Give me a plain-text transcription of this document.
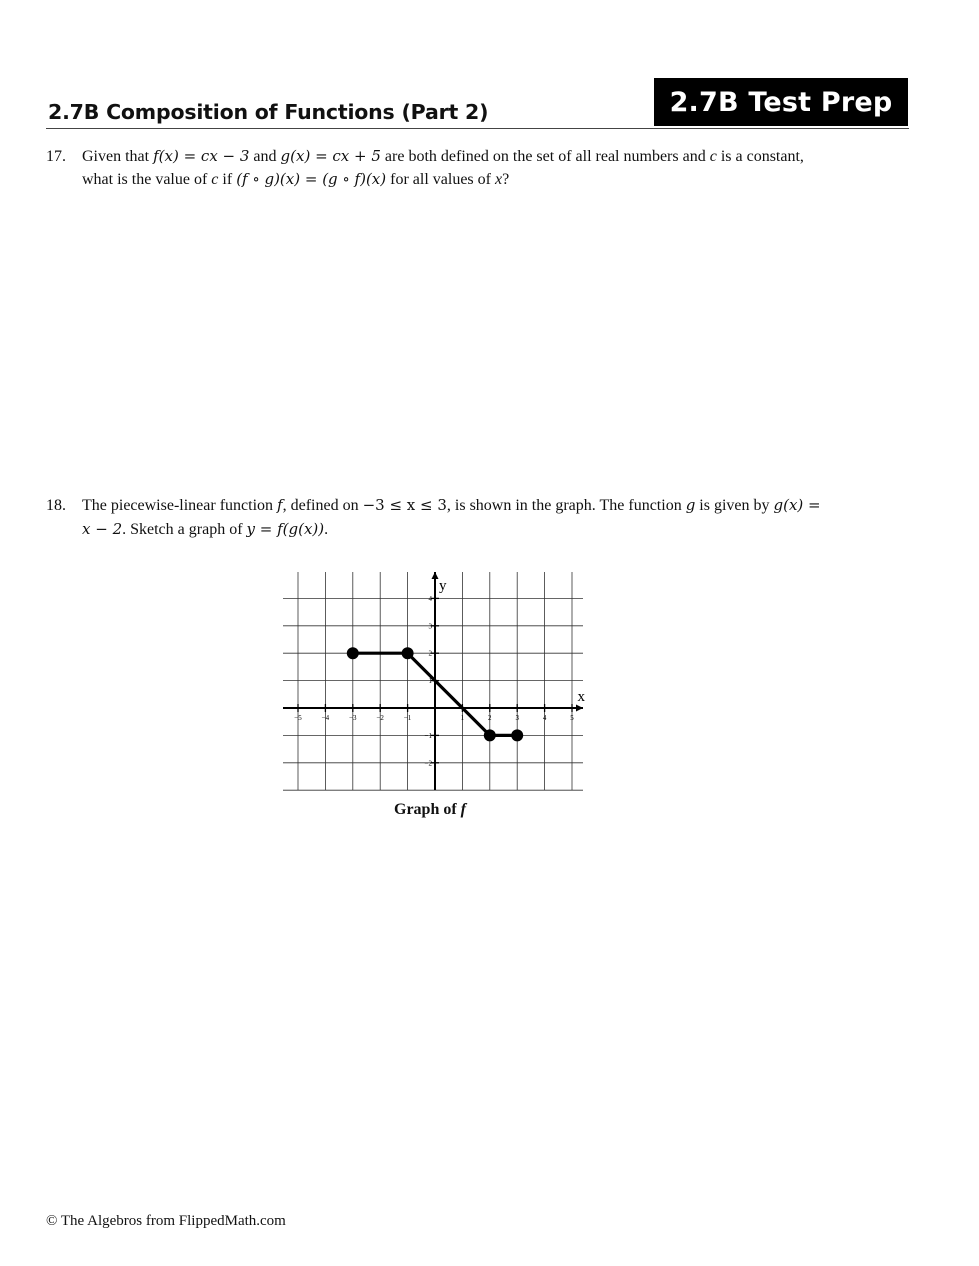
2.7B Test Prep
2.7B Composition of Functions (Part 2)
17. Given that f(x) = cx − 3 and g(x) = cx + 5 are both defined on the set of all real numbers and c is a constant,
what is the value of c if (f ∘ g)(x) = (g ∘ f)(x) for all values of x?
18. The piecewise-linear function f, defined on −3 ≤ x ≤ 3, is shown in the graph. The function g is given by g(x) =
x − 2. Sketch a graph of y = f(g(x)).
x
y
−5	−4	−3	−2	−1	1	2	3	4	5
−2
−1
1
2
3
4
Graph of f
© The Algebros from FlippedMath.com
